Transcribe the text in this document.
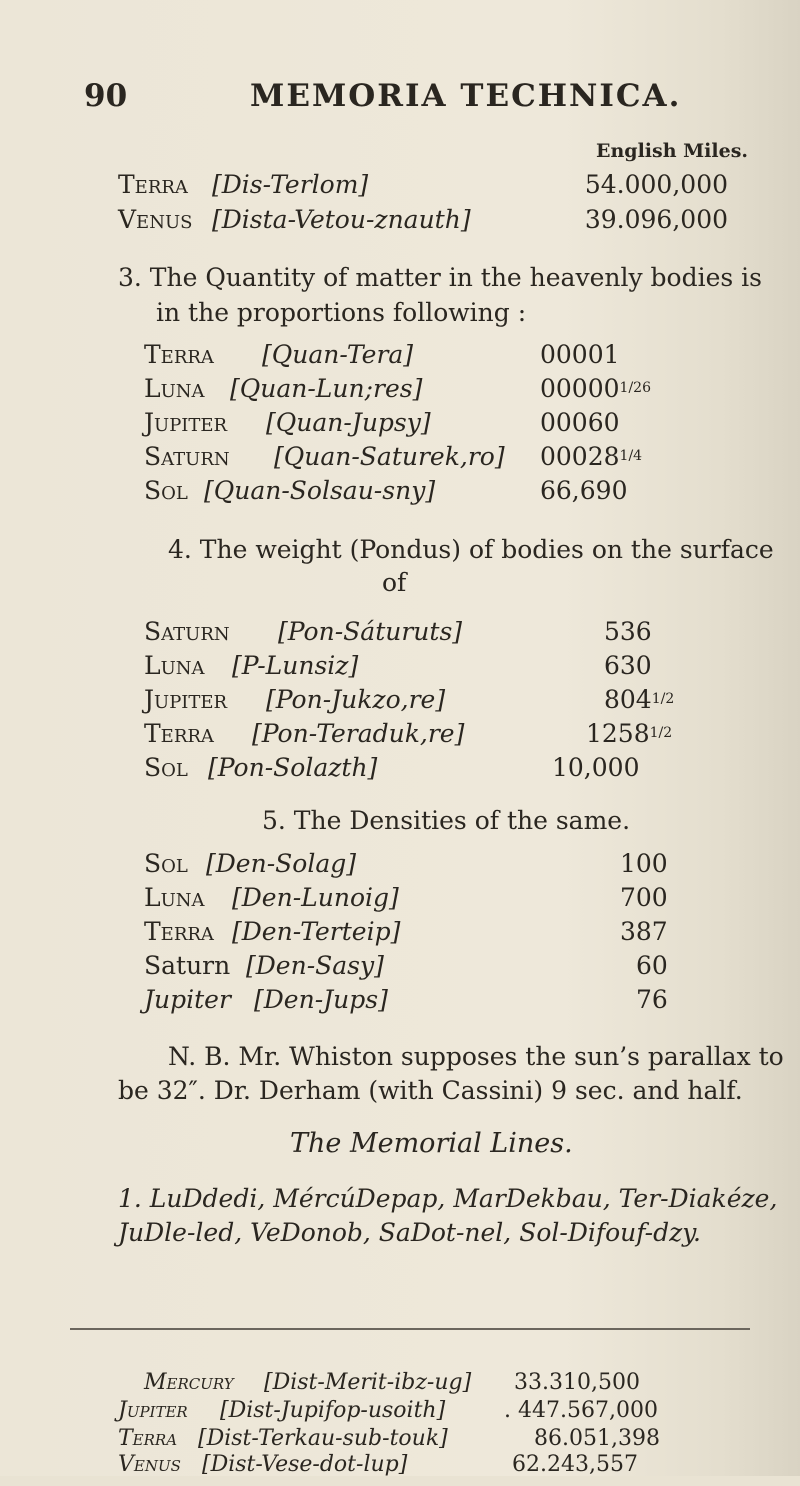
90	MEMORIA TECHNICA.
English Miles.
Terra [Dis-Terlom]	54.000,000
Venus [Dista-Vetou-znauth]	39.096,000
3. The Quantity of matter in the heavenly bodies is
in the proportions following :
Terra [Quan-Tera]	00001
Luna [Quan-Lun;res]	$00000^{1/26}$
Jupiter [Quan-Jupsy]	00060
Saturn [Quan-Saturek,ro] $00028^{1/4}$
Sol [Quan-Solsau-sny]	66,690
4. The weight (Pondus) of bodies on the surface
of
Saturn [Pon-Sáturuts]	536
Luna [P-Lunsiz]	630
Jupiter [Pon-Jukzo,re]	$804^{1/2}$
Terra [Pon-Teraduk,re]	$1258^{1/2}$
Sol [Pon-Solazth]	10,000
5. The Densities of the same.
Sol [Den-Solag]	100
Luna [Den-Lunoig]	700
Terra [Den-Terteip]	387
Saturn [Den-Sasy]	60
Jupiter [Den-Jups]	76
N. B. Mr. Whiston supposes the sun’s parallax to
be 32″. Dr. Derham (with Cassini) 9 sec. and half.
The Memorial Lines.
1. LuDdedi, MércúDepap, MarDekbau, Ter-Diakéze,
JuDle-led, VeDonob, SaDot-nel, Sol-Difouf-dzy.
Mercury [Dist-Merit-ibz-ug] 33.310,500
Jupiter [Dist-Jupifop-usoith]	. 447.567,000
Terra [Dist-Terkau-sub-touk]	86.051,398
Venus [Dist-Vese-dot-lup]	62.243,557
